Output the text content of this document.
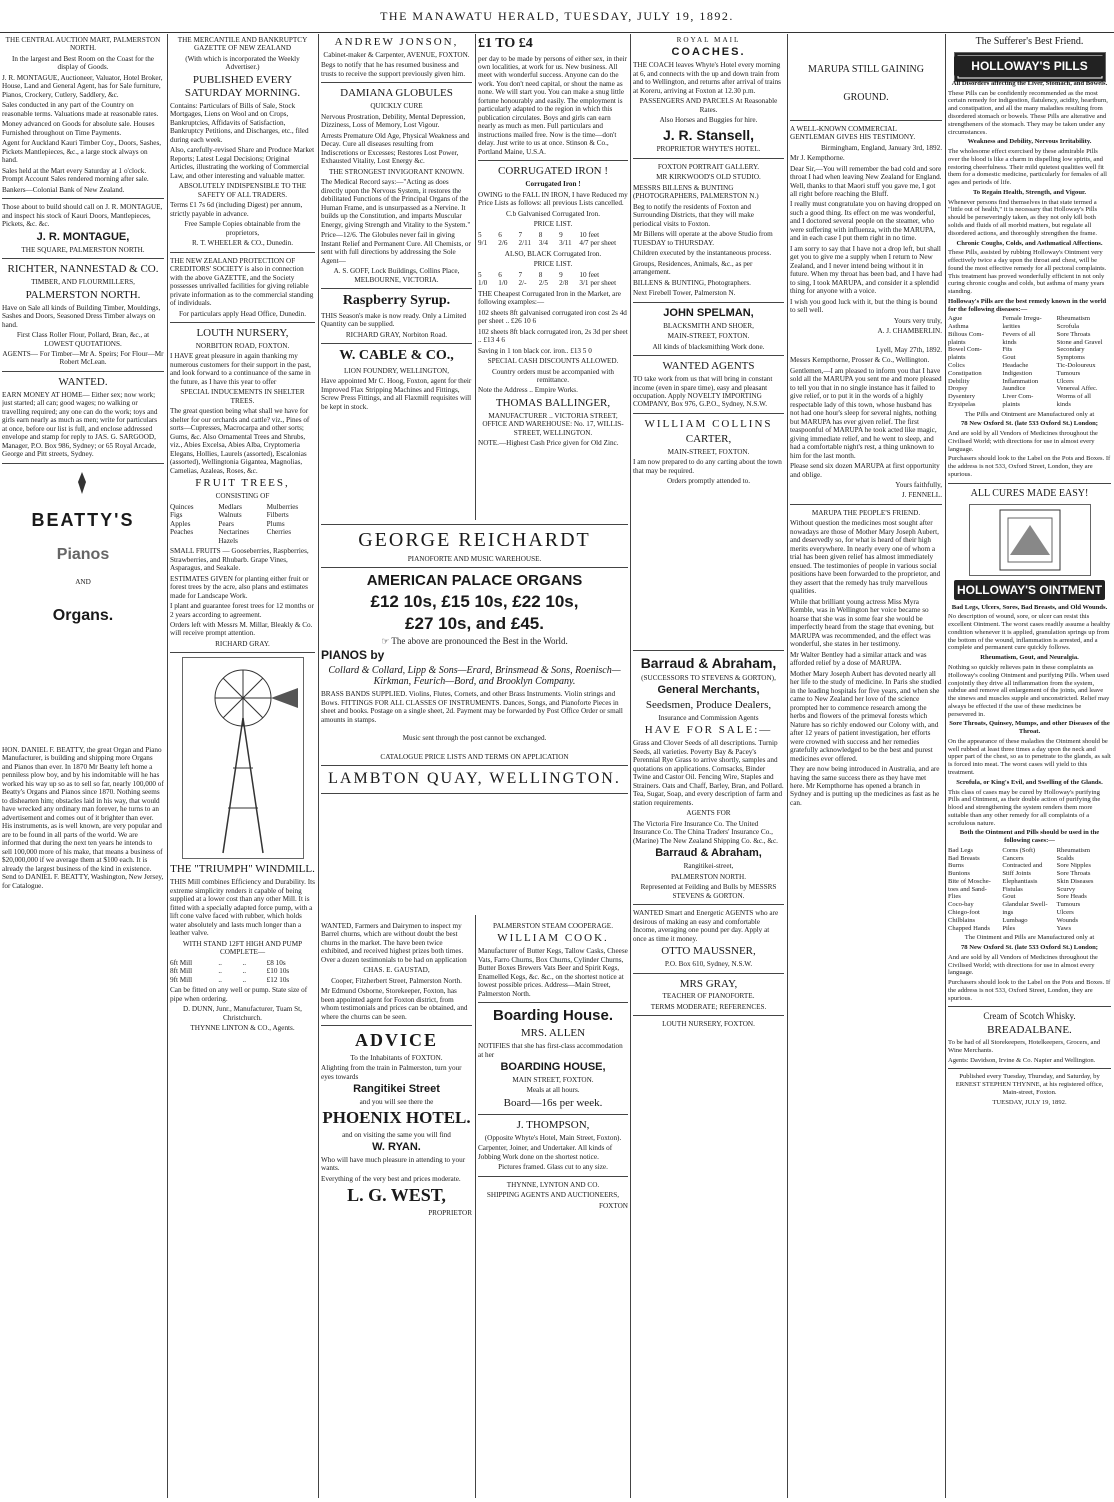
THE MANAWATU HERALD, TUESDAY, JULY 19, 1892.

THE CENTRAL AUCTION MART, PALMERSTON NORTH.

In the largest and Best Room on the Coast for the display of Goods.

J. R. MONTAGUE, Auctioneer, Valuator, Hotel Broker, House, Land and General Agent, has for Sale furniture, Pianos, Crockery, Cutlery, Saddlery, &c.

Sales conducted in any part of the Country on reasonable terms. Valuations made at reasonable rates.

Money advanced on Goods for absolute sale. Houses Furnished throughout on Time Payments.

Agent for Auckland Kauri Timber Coy., Doors, Sashes, Pickets Mantlepieces, &c., a large stock always on hand.

Sales held at the Mart every Saturday at 1 o'clock. Prompt Account Sales rendered morning after sale.

Bankers—Colonial Bank of New Zealand.

Those about to build should call on J. R. MONTAGUE, and inspect his stock of Kauri Doors, Mantlepieces, Pickets, &c. &c.

J. R. MONTAGUE,

THE SQUARE, PALMERSTON NORTH.

RICHTER, NANNESTAD & CO.

TIMBER, AND FLOURMILLERS,

PALMERSTON NORTH.

Have on Sale all kinds of Building Timber, Mouldings, Sashes and Doors, Seasoned Dress Timber always on hand.

First Class Roller Flour, Pollard, Bran, &c., at LOWEST QUOTATIONS.

AGENTS— For Timber—Mr A. Speirs; For Flour—Mr Robert McLean.

WANTED.

EARN MONEY AT HOME— Either sex; now work; just started; all can; good wages; no walking or travelling required; any one can do the work; toys and girls earn nearly as much as men; write for particulars at once, before our list is full, and enclose addressed envelope and stamp for reply to JAS. G. SARGOOD, Manager, P.O. Box 986, Sydney; or 65 Royal Arcade, George and Pitt streets, Sydney.

BEATTY'S

Pianos

AND

Organs.

HON. DANIEL F. BEATTY, the great Organ and Piano Manufacturer, is building and shipping more Organs and Pianos than ever. In 1870 Mr Beatty left home a penniless plow boy, and by his indomitable will he has worked his way up so as to sell so far, nearly 100,000 of Beatty's Organs and Pianos since 1870. Nothing seems to dishearten him; obstacles laid in his way, that would have wrecked any ordinary man forever, he turns to an advertisement and comes out of it brighter than ever. His instruments, as is well known, are very popular and are to be found in all parts of the world. We are informed that during the next ten years he intends to sell 100,000 more of his make, that means a business of $20,000,000 if we average them at $100 each. It is already the largest business of the kind in existence. Send to DANIEL F. BEATTY, Washington, New Jersey, for Catalogue.

THE MERCANTILE AND BANKRUPTCY GAZETTE OF NEW ZEALAND

(With which is incorporated the Weekly Advertiser.)

PUBLISHED EVERY SATURDAY MORNING.

Contains: Particulars of Bills of Sale, Stock Mortgages, Liens on Wool and on Crops, Bankruptcies, Affidavits of Satisfaction, Bankruptcy Petitions, and Discharges, etc., filed during each week.

Also, carefully-revised Share and Produce Market Reports; Latest Legal Decisions; Original Articles, illustrating the working of Commercial Law, and other interesting and valuable matter.

ABSOLUTELY INDISPENSIBLE TO THE SAFETY OF ALL TRADERS.

Terms £1 7s 6d (including Digest) per annum, strictly payable in advance.

Free Sample Copies obtainable from the proprietors,

R. T. WHEELER & CO., Dunedin.

THE NEW ZEALAND PROTECTION OF CREDITORS' SOCIETY is also in connection with the above GAZETTE, and the Society possesses unrivalled facilities for giving reliable private information as to the commercial standing of individuals.

For particulars apply Head Office, Dunedin.

LOUTH NURSERY,

NORBITON ROAD, FOXTON.

I HAVE great pleasure in again thanking my numerous customers for their support in the past, and look forward to a continuance of the same in the future, as I have this year to offer

SPECIAL INDUCEMENTS IN SHELTER TREES.

The great question being what shall we have for shelter for our orchards and cattle? viz., Pines of sorts—Cupresses, Macrocarpa and other sorts; Gums, &c. Also Ornamental Trees and Shrubs, viz., Abies Excelsa, Abies Alba, Cryptomeria Elegans, Hollies, Laurels (assorted), Escalonias (assorted), Wellingtonia Gigantea, Magnolias, Camelias, Azaleas, Roses, &c.

FRUIT TREES,

CONSISTING OF

Quinces	Medlars	Mulberries
Figs	Walnuts	Filberts
Apples	Pears	Plums
Peaches	Nectarines	Cherries
Hazels

SMALL FRUITS — Gooseberries, Raspberries, Strawberries, and Rhubarb. Grape Vines, Asparagus, and Seakale.

ESTIMATES GIVEN for planting either fruit or forest trees by the acre, also plans and estimates made for Landscape Work.

I plant and guarantee forest trees for 12 months or 2 years according to agreement.

Orders left with Messrs M. Millar, Bleakly & Co. will receive prompt attention.

RICHARD GRAY.

THE "TRIUMPH" WINDMILL.

THIS Mill combines Efficiency and Durability. Its extreme simplicity renders it capable of being supplied at a lower cost than any other Mill. It is fitted with a specially adapted force pump, with a lift cone valve faced with rubber, which holds water absolutely and lasts much longer than a leather valve.

WITH STAND 12FT HIGH AND PUMP COMPLETE—

6ft Mill	..	..	£8 10s
8ft Mill	..	..	£10 10s
9ft Mill	..	..	£12 10s

Can be fitted on any well or pump. State size of pipe when ordering.

D. DUNN, Junr., Manufacturer, Tuam St, Christchurch.

THYNNE LINTON & CO., Agents.

ANDREW JONSON,

Cabinet-maker & Carpenter, AVENUE, FOXTON.

Begs to notify that he has resumed business and trusts to receive the support previously given him.

DAMIANA GLOBULES

QUICKLY CURE

Nervous Prostration, Debility, Mental Depression, Dizziness, Loss of Memory, Lost Vigour.

Arrests Premature Old Age, Physical Weakness and Decay. Cure all diseases resulting from Indiscretions or Excesses; Restores Lost Power, Exhausted Vitality, Lost Energy &c.

THE STRONGEST INVIGORANT KNOWN.

The Medical Record says:—"Acting as does directly upon the Nervous System, it restores the debilitated Functions of the Principal Organs of the Human Frame, and is unsurpassed as a Nervine. It builds up the Constitution, and imparts Muscular Energy, giving Strength and Vitality to the System."

Price—12/6. The Globules never fail in giving Instant Relief and Permanent Cure. All Chemists, or sent with full directions by addressing the Sole Agent—

A. S. GOFF, Lock Buildings, Collins Place, MELBOURNE, VICTORIA.

Raspberry Syrup.

THIS Season's make is now ready. Only a Limited Quantity can be supplied.

RICHARD GRAY, Norbiton Road.

W. CABLE & CO.,

LION FOUNDRY, WELLINGTON,

Have appointed Mr C. Hoog, Foxton, agent for their Improved Flax Stripping Machines and Fittings, Screw Press Fittings, and all Flaxmill requisites will be kept in stock.

£1 TO £4

per day to be made by persons of either sex, in their own localities, at work for us. New business. All meet with wonderful success. Anyone can do the work. You don't need capital, or shout the name as none. We will start you. You can make a snug little fortune honourably and easily. The employment is particularly adapted to the region in which this publication circulates. Boys and girls can earn nearly as much as men. Full particulars and instructions mailed free. Now is the time—don't delay. Just write to us at once. Stinson & Co., Portland Maine, U.S.A.

CORRUGATED IRON !

Corrugated Iron !

OWING to the FALL IN IRON, I have Reduced my Price Lists as follows: all previous Lists cancelled.

C.b Galvanised Corrugated Iron.

PRICE LIST.

5	6	7	8	9	10 feet
9/1	2/6	2/11	3/4	3/11	4/7 per sheet

ALSO, BLACK Corrugated Iron.

PRICE LIST.

5	6	7	8	9	10 feet
1/0	1/0	2/-	2/5	2/8	3/1 per sheet

THE Cheapest Corrugated Iron in the Market, are following examples:—

102 sheets 8ft galvanised corrugated iron cost 2s 4d per sheet .. £26 10 6

102 sheets 8ft black corrugated iron, 2s 3d per sheet .. £13 4 6

Saving in 1 ton black cor. iron.. £13 5 0

SPECIAL CASH DISCOUNTS ALLOWED.

Country orders must be accompanied with remittance.

Note the Address .. Empire Works.

THOMAS BALLINGER,

MANUFACTURER .. VICTORIA STREET, OFFICE AND WAREHOUSE: No. 17, WILLIS-STREET, WELLINGTON.

NOTE.—Highest Cash Price given for Old Zinc.

GEORGE REICHARDT

PIANOFORTE AND MUSIC WAREHOUSE.

AMERICAN PALACE ORGANS

£12 10s, £15 10s, £22 10s,

£27 10s, and £45.

☞ The above are pronounced the Best in the World.

PIANOS by

Collard & Collard, Lipp & Sons—Erard, Brinsmead & Sons, Roenisch—Kirkman, Feurich—Bord, and Brooklyn Company.

BRASS BANDS SUPPLIED. Violins, Flutes, Cornets, and other Brass Instruments. Violin strings and Bows. FITTINGS FOR ALL CLASSES OF INSTRUMENTS. Dances, Songs, and Pianoforte Pieces in sheet and books. Postage on a single sheet, 2d. Payment may be forwarded by Post Office Order or small amounts in stamps.

Music sent through the post cannot be exchanged.

CATALOGUE PRICE LISTS AND TERMS ON APPLICATION

LAMBTON QUAY, WELLINGTON.

WANTED, Farmers and Dairymen to inspect my Barrel churns, which are without doubt the best churns in the market. The have been twice exhibited, and received highest prizes both times. Over a dozen testimonials to be had on application

CHAS. E. GAUSTAD,

Cooper, Fitzherbert Street, Palmerston North.

Mr Edmund Osborne, Storekeeper, Foxton, has been appointed agent for Foxton district, from whom testimonials and prices can be obtained, and where the churns can be seen.

ADVICE

To the Inhabitants of FOXTON.

Alighting from the train in Palmerston, turn your eyes towards

Rangitikei Street

and you will see there the

PHOENIX HOTEL.

and on visiting the same you will find

W. RYAN.

Who will have much pleasure in attending to your wants.

Everything of the very best and prices moderate.

L. G. WEST,

PROPRIETOR

PALMERSTON STEAM COOPERAGE.

WILLIAM COOK.

Manufacturer of Butter Kegs, Tallow Casks, Cheese Vats, Farro Churns, Box Churns, Cylinder Churns, Butter Boxes Brewers Vats Beer and Spirit Kegs, Enamelled Kegs, &c. &c., on the shortest notice at lowest possible prices. Address—Main Street, Palmerston North.

Boarding House.

MRS. ALLEN

NOTIFIES that she has first-class accommodation at her

BOARDING HOUSE,

MAIN STREET, FOXTON.

Meals at all hours.

Board—16s per week.

J. THOMPSON,

(Opposite Whyte's Hotel, Main Street, Foxton).

Carpenter, Joiner, and Undertaker. All kinds of Jobbing Work done on the shortest notice.

Pictures framed. Glass cut to any size.

THYNNE, LYNTON AND CO.

SHIPPING AGENTS AND AUCTIONEERS,

FOXTON

ROYAL MAIL

COACHES.

THE COACH leaves Whyte's Hotel every morning at 6, and connects with the up and down train from and to Wellington, and returns after arrival of trains at Koreru, arriving at Foxton at 12.30 p.m.

PASSENGERS AND PARCELS At Reasonable Rates.

Also Horses and Buggies for hire.

J. R. Stansell,

PROPRIETOR WHYTE'S HOTEL.

FOXTON PORTRAIT GALLERY.

MR KIRKWOOD'S OLD STUDIO.

MESSRS BILLENS & BUNTING (PHOTOGRAPHERS, PALMERSTON N.)

Beg to notify the residents of Foxton and Surrounding Districts, that they will make periodical visits to Foxton.

Mr Billens will operate at the above Studio from TUESDAY to THURSDAY.

Children executed by the instantaneous process.

Groups, Residences, Animals, &c., as per arrangement.

BILLENS & BUNTING, Photographers.

Next Firebell Tower, Palmerston N.

JOHN SPELMAN,

BLACKSMITH AND SHOER,

MAIN-STREET, FOXTON.

All kinds of blacksmithing Work done.

WANTED AGENTS

TO take work from us that will bring in constant income (even in spare time), easy and pleasant occupation. Apply NOVELTY IMPORTING COMPANY, Box 976, G.P.O., Sydney, N.S.W.

WILLIAM COLLINS

CARTER,

MAIN-STREET, FOXTON.

I am now prepared to do any carting about the town that may be required.

Orders promptly attended to.

Barraud & Abraham,

(SUCCESSORS TO STEVENS & GORTON),

General Merchants,

Seedsmen, Produce Dealers,

Insurance and Commission Agents

HAVE FOR SALE:—

Grass and Clover Seeds of all descriptions. Turnip Seeds, all varieties. Poverty Bay & Pacey's Perennial Rye Grass to arrive shortly, samples and quotations on applications. Cornsacks, Binder Twine and Castor Oil. Fencing Wire, Staples and Strainers. Oats and Chaff, Barley, Bran, and Pollard. Tea, Sugar, Soap, and every description of farm and station requirements.

AGENTS FOR

The Victoria Fire Insurance Co. The United Insurance Co. The China Traders' Insurance Co., (Marine) The New Zealand Shipping Co. &c., &c.

Barraud & Abraham,

Rangitikei-street,

PALMERSTON NORTH.

Represented at Feilding and Bulls by MESSRS STEVENS & GORTON.

WANTED Smart and Energetic AGENTS who are desirous of making an easy and comfortable Income, averaging one pound per day. Apply at once as time it money.

OTTO MAUSSNER,

P.O. Box 610, Sydney, N.S.W.

MRS GRAY,

TEACHER OF PIANOFORTE.

TERMS MODERATE; REFERENCES.

LOUTH NURSERY, FOXTON.

MARUPA STILL GAINING

GROUND.

A WELL-KNOWN COMMERCIAL GENTLEMAN GIVES HIS TESTIMONY.

Birmingham, England, January 3rd, 1892.

Mr J. Kempthorne.

Dear Sir,—You will remember the bad cold and sore throat I had when leaving New Zealand for England. Well, thanks to that Maori stuff you gave me, I got all right before reaching the Bluff.

I really must congratulate you on having dropped on such a good thing. Its effect on me was wonderful, and I doctored several people on the steamer, who were suffering with influenza, with the MARUPA, and in each case I put them right in no time.

I am sorry to say that I have not a drop left, but shall get you to give me a supply when I return to New Zealand, and I never intend being without it in future. When my throat has been bad, and I have had to sing, I took MARUPA, and consider it a splendid thing for anyone with a voice.

I wish you good luck with it, but the thing is bound to sell well.

Yours very truly,

A. J. CHAMBERLIN.

Lyell, May 27th, 1892.

Messrs Kempthorne, Prosser & Co., Wellington.

Gentlemen,—I am pleased to inform you that I have sold all the MARUPA you sent me and more pleased to tell you that in no single instance has it failed to give relief, or to put it in the words of a highly respectable lady of this town, whose husband has not had one hour's sleep for several nights, nothing but MARUPA has ever given relief. The first teaspoonful of MARUPA he took acted like magic, giving immediate relief, and he went to sleep, and had a comfortable night's rest, a thing unknown to him for the last month.

Please send six dozen MARUPA at first opportunity and oblige.

Yours faithfully,

J. FENNELL.

MARUPA THE PEOPLE'S FRIEND.

Without question the medicines most sought after nowadays are those of Mother Mary Joseph Aubert, and deservedly so, for what is heard of their high merits everywhere. In nearly every one of whom a trial has been given relief has almost immediately ensued. The testimonies of people in various social positions have been forwarded to the proprietor, and they assert that the remedy has truly marvellous qualities.

While that brilliant young actress Miss Myra Kemble, was in Wellington her voice became so hoarse that she was in some fear she would be imperfectly heard from the stage that evening, but MARUPA was recommended, and the effect was wonderful, she states in her testimony.

Mr Walter Bentley had a similar attack and was afforded relief by a dose of MARUPA.

Mother Mary Joseph Aubert has devoted nearly all her life to the study of medicine. In Paris she studied in the leading hospitals for five years, and when she came to New Zealand her love of the science prompted her to commence research among the herbs and flowers of the primeval forests which Nature has so richly endowed our Colony with, and after 12 years of patient investigation, her efforts were crowned with success and her remedies gratefully acknowledged to be the best and purest medicines ever offered.

They are now being introduced in Australia, and are having the same success there as they have met here. Mr Kempthorne has opened a branch in Sydney and is putting up the medicines as fast as he can.

The Sufferer's Best Friend.

HOLLOWAY'S PILLS

All Disorders affecting the Liver, Stomach, and Bowels.

These Pills can be confidently recommended as the most certain remedy for indigestion, flatulency, acidity, heartburn, and constipation, and all the many maladies resulting from disordered stomach or bowels. These Pills are alterative and strengtheners of the stomach. They may be taken under any circumstances.

Weakness and Debility, Nervous Irritability.

The wholesome effect exercised by these admirable Pills over the blood is like a charm in dispelling low spirits, and restoring cheerfulness. Their mild quietest qualities well fit them for a domestic medicine, particularly for females of all ages and periods of life.

To Regain Health, Strength, and Vigour.

Whenever persons find themselves in that state termed a "little out of health," it is necessary that Holloway's Pills should be perseveringly taken, as they not only kill both solids and fluids of all morbid matters, but regulate all disordered actions, and thoroughly strengthen the frame.

Chronic Coughs, Colds, and Asthmatical Affections.

These Pills, assisted by rubbing Holloway's Ointment very effectively twice a day upon the throat and chest, will be found the most effective remedy for all pectoral complaints. This treatment has proved wonderfully efficient in not only curing chronic coughs and colds, but asthma of many years standing.

Holloway's Pills are the best remedy known in the world for the following diseases:—

Ague	Female Irregu-	Rheumatism
Asthma	larities	Scrofula
Bilious Com-	Fevers of all	Sore Throats
plaints	kinds	Stone and Gravel
Bowel Com-	Fits	Secondary
plaints	Gout	Symptoms
Colics	Headache	Tic-Doloureux
Constipation	Indigestion	Tumours
Debility	Inflammation	Ulcers
Dropsy	Jaundice	Venereal Affec.
Dysentery	Liver Com-	Worms of all
Erysipelas	plaints	kinds

The Pills and Ointment are Manufactured only at

78 New Oxford St. (late 533 Oxford St.) London;

And are sold by all Vendors of Medicines throughout the Civilised World; with directions for use in almost every language.

Purchasers should look to the Label on the Pots and Boxes. If the address is not 533, Oxford Street, London, they are spurious.

ALL CURES MADE EASY!

HOLLOWAY'S OINTMENT

Bad Legs, Ulcers, Sores, Bad Breasts, and Old Wounds.

No description of wound, sore, or ulcer can resist this excellent Ointment. The worst cases readily assume a healthy condition whenever it is applied, granulation springs up from the bottom of the wound, inflammation is arrested, and a complete and permanent cure quickly follows.

Rheumatism, Gout, and Neuralgia.

Nothing so quickly relieves pain in these complaints as Holloway's cooling Ointment and purifying Pills. When used conjointly they drive all inflammation from the system, subdue and remove all enlargement of the joints, and leave the sinews and muscles supple and unconstricted. Relief may always be effected if the use of these medicines be persevered in.

Sore Throats, Quinsey, Mumps, and other Diseases of the Throat.

On the appearance of these maladies the Ointment should be well rubbed at least three times a day upon the neck and upper part of the chest, so as to penetrate to the glands, as salt is forced into meat. The worst cases will yield to this treatment.

Scrofula, or King's Evil, and Swelling of the Glands.

This class of cases may be cured by Holloway's purifying Pills and Ointment, as their double action of purifying the blood and strengthening the system renders them more suitable than any other remedy for all complaints of a scrofulous nature.

Both the Ointment and Pills should be used in the following cases:—

Bad Legs	Corns (Soft)	Rheumatism
Bad Breasts	Cancers	Scalds
Burns	Contracted and	Sore Nipples
Bunions	Stiff Joints	Sore Throats
Bite of Mosche-	Elephantiasis	Skin Diseases
toes and Sand-	Fistulas	Scurvy
Flies	Gout	Sore Heads
Coco-bay	Glandular Swell-	Tumours
Chiego-foot	ings	Ulcers
Chilblains	Lumbago	Wounds
Chapped Hands	Piles	Yaws

The Ointment and Pills are Manufactured only at

78 New Oxford St. (late 533 Oxford St.) London;

And are sold by all Vendors of Medicines throughout the Civilised World; with directions for use in almost every language.

Purchasers should look to the Label on the Pots and Boxes. If the address is not 533, Oxford Street, London, they are spurious.

Cream of Scotch Whisky.

BREADALBANE.

To be had of all Storekeepers, Hotelkeepers, Grocers, and Wine Merchants.

Agents: Davidson, Irvine & Co. Napier and Wellington.

Published every Tuesday, Thursday, and Saturday, by ERNEST STEPHEN THYNNE, at his registered office, Main-street, Foxton.

TUESDAY, JULY 19, 1892.
